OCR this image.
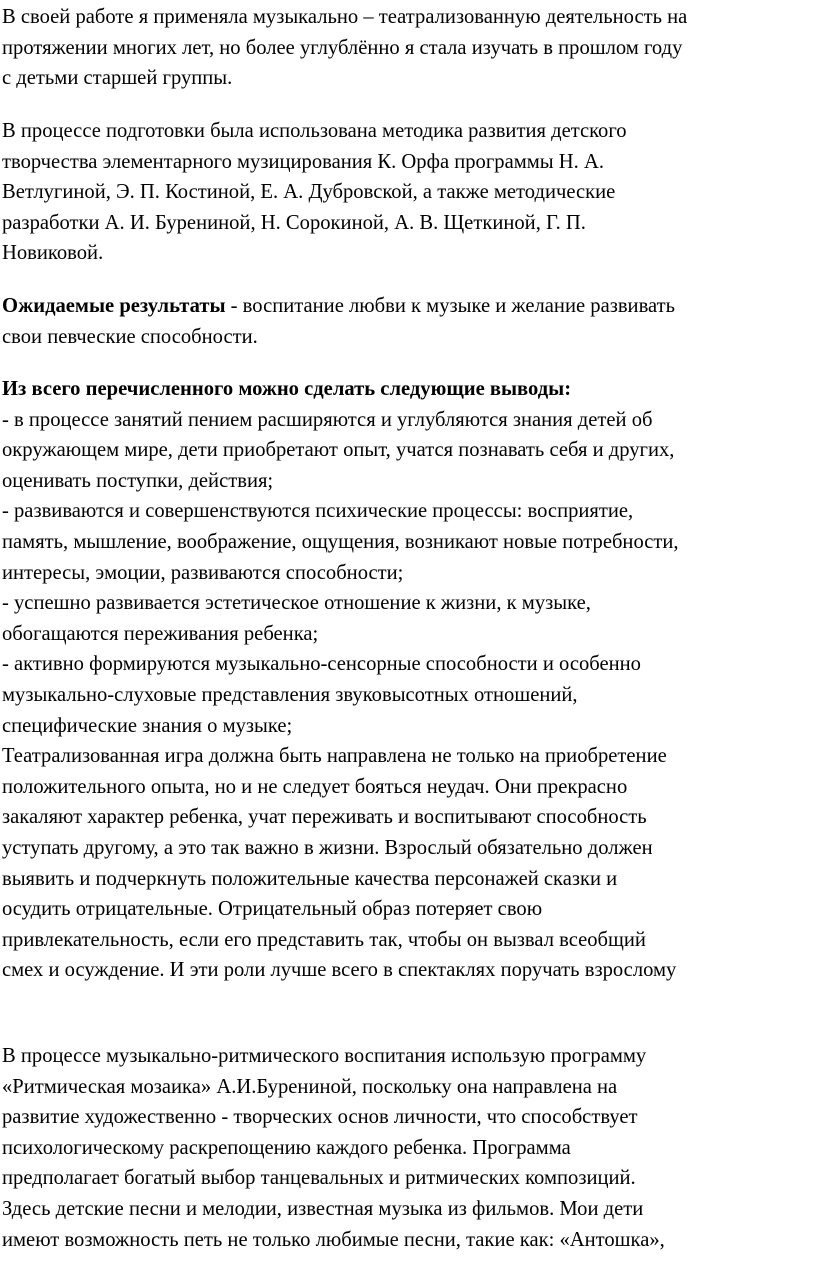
В своей работе я применяла музыкально – театрализованную деятельность на
протяжении многих лет, но более углублённо я стала изучать в прошлом году
с детьми старшей группы.
В процессе подготовки была использована методика развития детского
творчества элементарного музицирования К. Орфа программы Н. А.
Ветлугиной, Э. П. Костиной, Е. А. Дубровской, а также методические
разработки А. И. Бурениной, Н. Сорокиной, А. В. Щеткиной, Г. П.
Новиковой.
Ожидаемые результаты - воспитание любви к музыке и желание развивать
свои певческие способности.
Из всего перечисленного можно сделать следующие выводы:
- в процессе занятий пением расширяются и углубляются знания детей об
окружающем мире, дети приобретают опыт, учатся познавать себя и других,
оценивать поступки, действия;
- развиваются и совершенствуются психические процессы: восприятие,
память, мышление, воображение, ощущения, возникают новые потребности,
интересы, эмоции, развиваются способности;
- успешно развивается эстетическое отношение к жизни, к музыке,
обогащаются переживания ребенка;
- активно формируются музыкально-сенсорные способности и особенно
музыкально-слуховые представления звуковысотных отношений,
специфические знания о музыке;
Театрализованная игра должна быть направлена не только на приобретение
положительного опыта, но и не следует бояться неудач. Они прекрасно
закаляют характер ребенка, учат переживать и воспитывают способность
уступать другому, а это так важно в жизни. Взрослый обязательно должен
выявить и подчеркнуть положительные качества персонажей сказки и
осудить отрицательные. Отрицательный образ потеряет свою
привлекательность, если его представить так, чтобы он вызвал всеобщий
смех и осуждение. И эти роли лучше всего в спектаклях поручать взрослому
В процессе музыкально-ритмического воспитания использую программу
«Ритмическая мозаика» А.И.Бурениной, поскольку она направлена на
развитие художественно - творческих основ личности, что способствует
психологическому раскрепощению каждого ребенка. Программа
предполагает богатый выбор танцевальных и ритмических композиций.
Здесь детские песни и мелодии, известная музыка из фильмов. Мои дети
имеют возможность петь не только любимые песни, такие как: «Антошка»,
